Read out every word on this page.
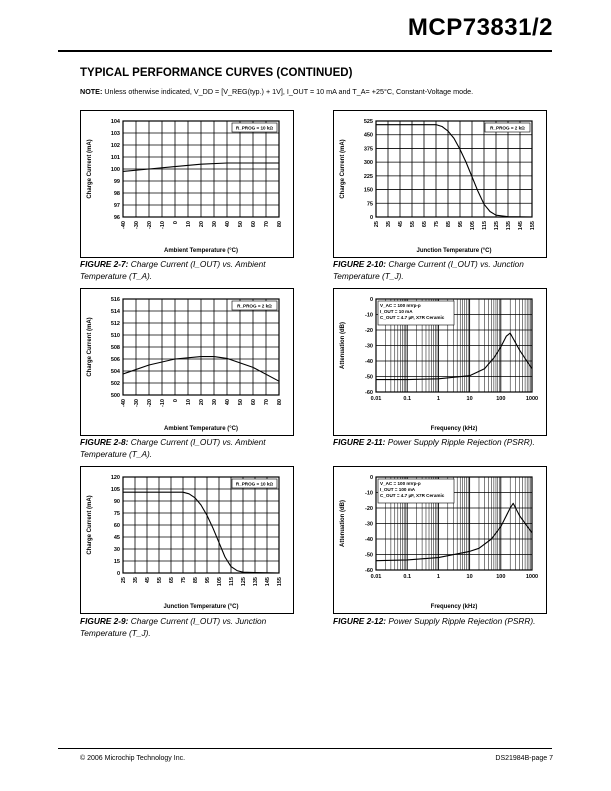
MCP73831/2
TYPICAL PERFORMANCE CURVES (CONTINUED)
NOTE: Unless otherwise indicated, V_DD = [V_REG(typ.) + 1V], I_OUT = 10 mA and T_A= +25°C, Constant-Voltage mode.
96
97
98
99
100
101
102
103
104
-40 -30 -20 -10 0 10 20 30 40 50 60 70 80
Ambient Temperature (°C)
Charge Current (mA)
R_PROG = 10 kΩ
0
75
150
225
300
375
450
525
25 35 45 55 65 75 85 95 105 115 125 135 145 155
Junction Temperature (°C)
Charge Current (mA)
R_PROG = 2 kΩ
500
502
504
506
508
510
512
514
516
-40 -30 -20 -10 0 10 20 30 40 50 60 70 80
Ambient Temperature (°C)
Charge Current (mA)
R_PROG = 2 kΩ
0
-10
-20
-30
-40
-50
-60
0.01	0.1	1	10	100	1000
Frequency (kHz)
Attenuation (dB)
V_AC = 100 mVp-p
I_OUT = 10 mA
C_OUT = 4.7 µF, X7R Ceramic
0
15
30
45
60
75
90
105
120
25 35 45 55 65 75 85 95 105 115 125 135 145 155
Junction Temperature (°C)
Charge Current (mA)
R_PROG = 10 kΩ
0
-10
-20
-30
-40
-50
-60
0.01	0.1	1	10	100	1000
Frequency (kHz)
Attenuation (dB)
V_AC = 100 mVp-p
I_OUT = 100 mA
C_OUT = 4.7 µF, X7R Ceramic
FIGURE 2-7: Charge Current (I_OUT) vs. Ambient Temperature (T_A).
FIGURE 2-10: Charge Current (I_OUT) vs. Junction Temperature (T_J).
FIGURE 2-8: Charge Current (I_OUT) vs. Ambient Temperature (T_A).
FIGURE 2-11: Power Supply Ripple Rejection (PSRR).
FIGURE 2-9: Charge Current (I_OUT) vs. Junction Temperature (T_J).
FIGURE 2-12: Power Supply Ripple Rejection (PSRR).
© 2006 Microchip Technology Inc.	DS21984B-page 7
